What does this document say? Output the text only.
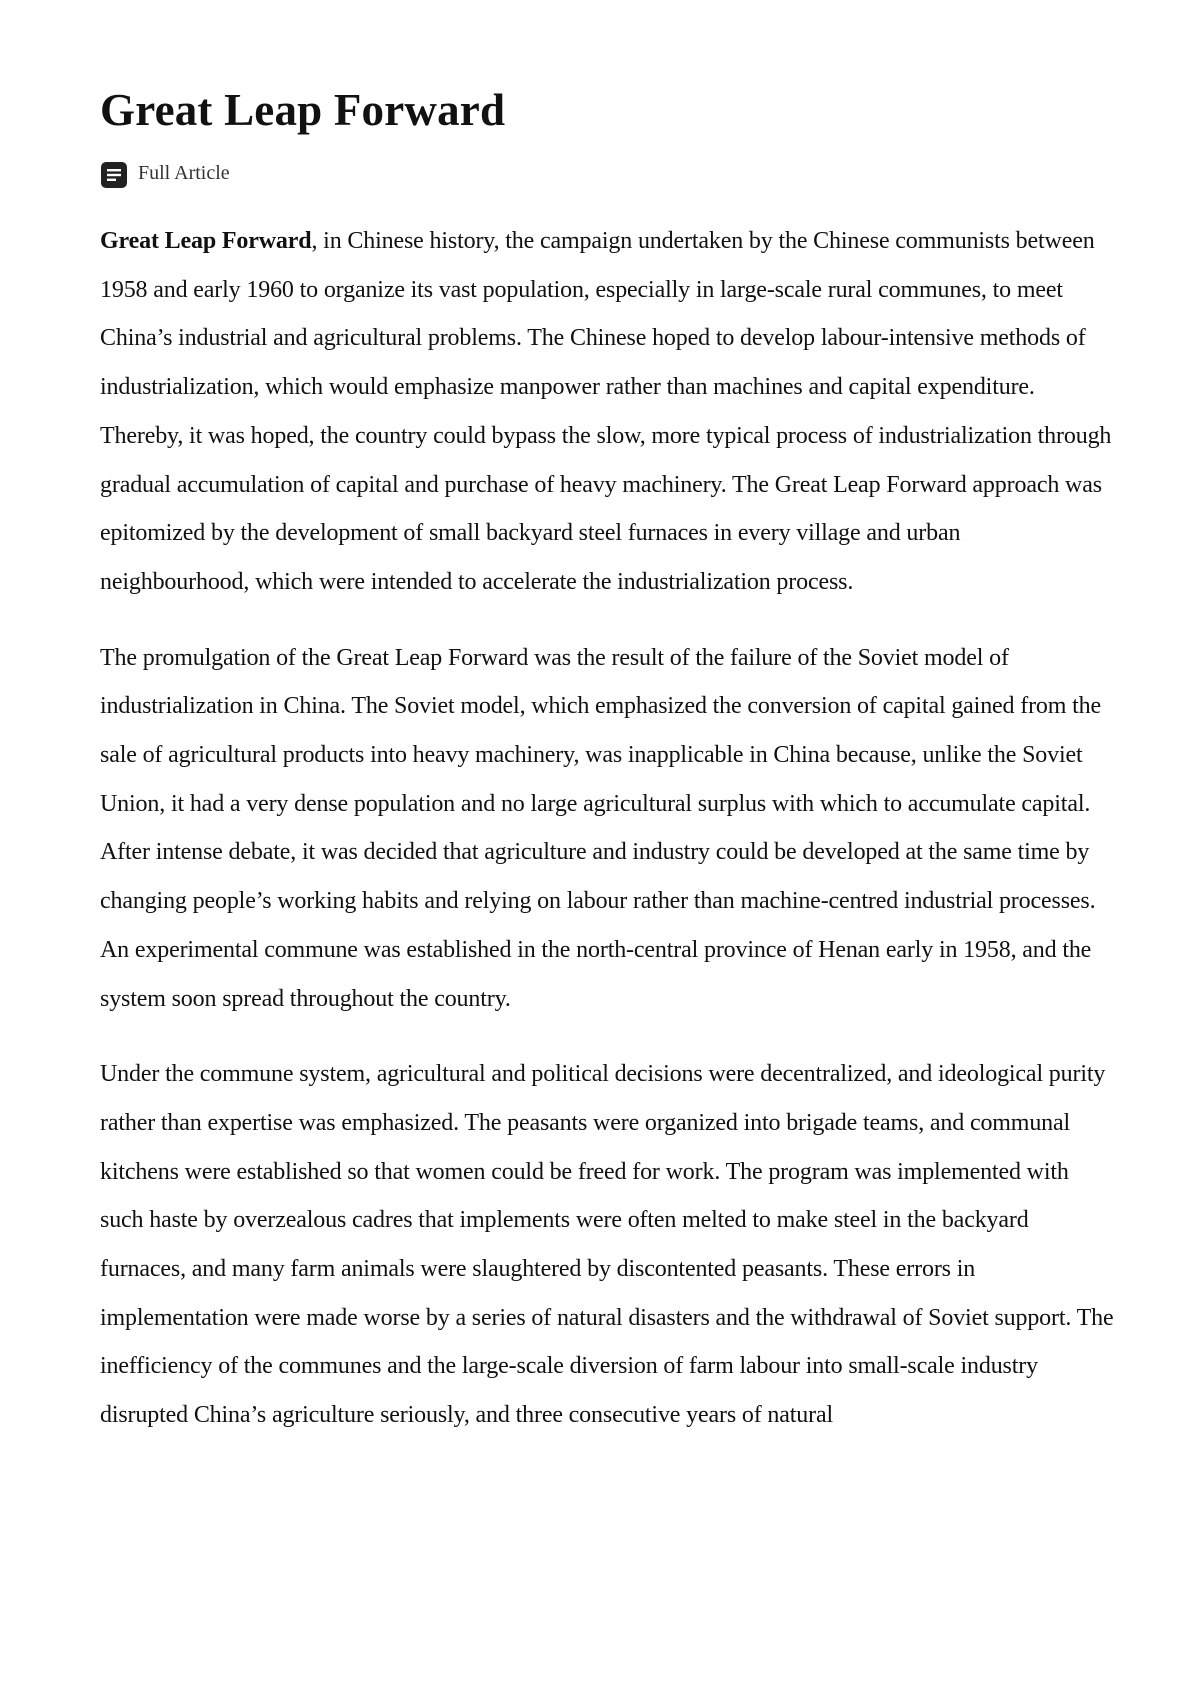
Great Leap Forward
Full Article

Great Leap Forward, in Chinese history, the campaign undertaken by the Chinese communists between 1958 and early 1960 to organize its vast population, especially in large-scale rural communes, to meet China’s industrial and agricultural problems. The Chinese hoped to develop labour-intensive methods of industrialization, which would emphasize manpower rather than machines and capital expenditure. Thereby, it was hoped, the country could bypass the slow, more typical process of industrialization through gradual accumulation of capital and purchase of heavy machinery. The Great Leap Forward approach was epitomized by the development of small backyard steel furnaces in every village and urban neighbourhood, which were intended to accelerate the industrialization process.

The promulgation of the Great Leap Forward was the result of the failure of the Soviet model of industrialization in China. The Soviet model, which emphasized the conversion of capital gained from the sale of agricultural products into heavy machinery, was inapplicable in China because, unlike the Soviet Union, it had a very dense population and no large agricultural surplus with which to accumulate capital. After intense debate, it was decided that agriculture and industry could be developed at the same time by changing people’s working habits and relying on labour rather than machine-centred industrial processes. An experimental commune was established in the north-central province of Henan early in 1958, and the system soon spread throughout the country.

Under the commune system, agricultural and political decisions were decentralized, and ideological purity rather than expertise was emphasized. The peasants were organized into brigade teams, and communal kitchens were established so that women could be freed for work. The program was implemented with such haste by overzealous cadres that implements were often melted to make steel in the backyard furnaces, and many farm animals were slaughtered by discontented peasants. These errors in implementation were made worse by a series of natural disasters and the withdrawal of Soviet support. The inefficiency of the communes and the large-scale diversion of farm labour into small-scale industry disrupted China’s agriculture seriously, and three consecutive years of natural
